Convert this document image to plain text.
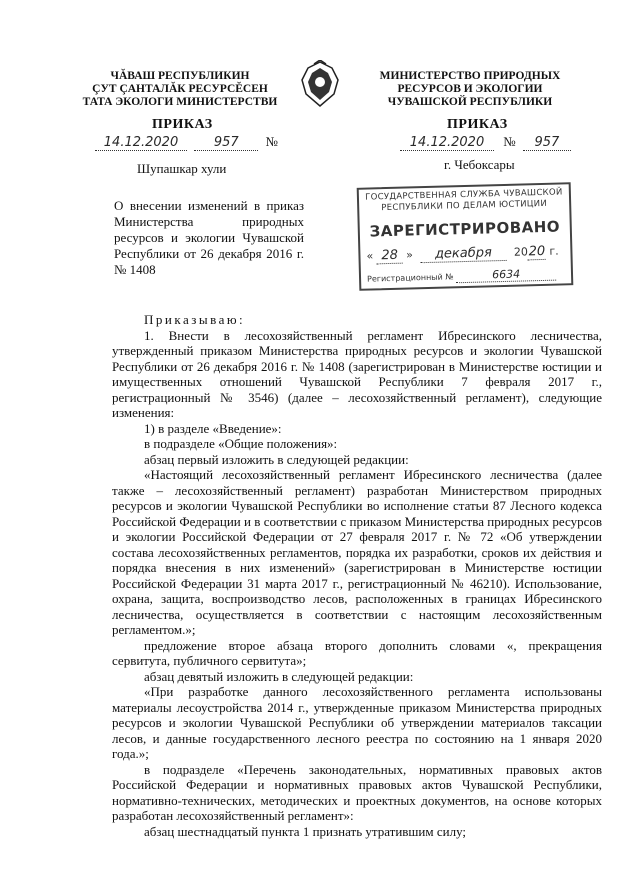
ЧĂВАШ РЕСПУБЛИКИН
ÇУТ ÇАНТАЛĂК РЕСУРСĔСЕН
ТАТА ЭКОЛОГИ МИНИСТЕРСТВИ
МИНИСТЕРСТВО ПРИРОДНЫХ
РЕСУРСОВ И ЭКОЛОГИИ
ЧУВАШСКОЙ РЕСПУБЛИКИ
ПРИКАЗ	ПРИКАЗ
14.12.2020	957 №	14.12.2020 № 957
Шупашкар хули	г. Чебоксары
О внесении изменений в приказ Министерства природных ресурсов и экологии Чувашской Республики от 26 декабря 2016 г. № 1408
ГОСУДАРСТВЕННАЯ СЛУЖБА ЧУВАШСКОЙ
РЕСПУБЛИКИ ПО ДЕЛАМ ЮСТИЦИИ
ЗАРЕГИСТРИРОВАНО
« 28 » декабря 2020 г.
Регистрационный №	6634

Приказываю:

1. Внести в лесохозяйственный регламент Ибресинского лесничества, утвержденный приказом Министерства природных ресурсов и экологии Чувашской Республики от 26 декабря 2016 г. № 1408 (зарегистрирован в Министерстве юстиции и имущественных отношений Чувашской Республики 7 февраля 2017 г., регистрационный № 3546) (далее – лесохозяйственный регламент), следующие изменения:

1) в разделе «Введение»:

в подразделе «Общие положения»:

абзац первый изложить в следующей редакции:

«Настоящий лесохозяйственный регламент Ибресинского лесничества (далее также – лесохозяйственный регламент) разработан Министерством природных ресурсов и экологии Чувашской Республики во исполнение статьи 87 Лесного кодекса Российской Федерации и в соответствии с приказом Министерства природных ресурсов и экологии Российской Федерации от 27 февраля 2017 г. № 72 «Об утверждении состава лесохозяйственных регламентов, порядка их разработки, сроков их действия и порядка внесения в них изменений» (зарегистрирован в Министерстве юстиции Российской Федерации 31 марта 2017 г., регистрационный № 46210). Использование, охрана, защита, воспроизводство лесов, расположенных в границах Ибресинского лесничества, осуществляется в соответствии с настоящим лесохозяйственным регламентом.»;

предложение второе абзаца второго дополнить словами «, прекращения сервитута, публичного сервитута»;

абзац девятый изложить в следующей редакции:

«При разработке данного лесохозяйственного регламента использованы материалы лесоустройства 2014 г., утвержденные приказом Министерства природных ресурсов и экологии Чувашской Республики об утверждении материалов таксации лесов, и данные государственного лесного реестра по состоянию на 1 января 2020 года.»;

в подразделе «Перечень законодательных, нормативных правовых актов Российской Федерации и нормативных правовых актов Чувашской Республики, нормативно-технических, методических и проектных документов, на основе которых разработан лесохозяйственный регламент»:

абзац шестнадцатый пункта 1 признать утратившим силу;
